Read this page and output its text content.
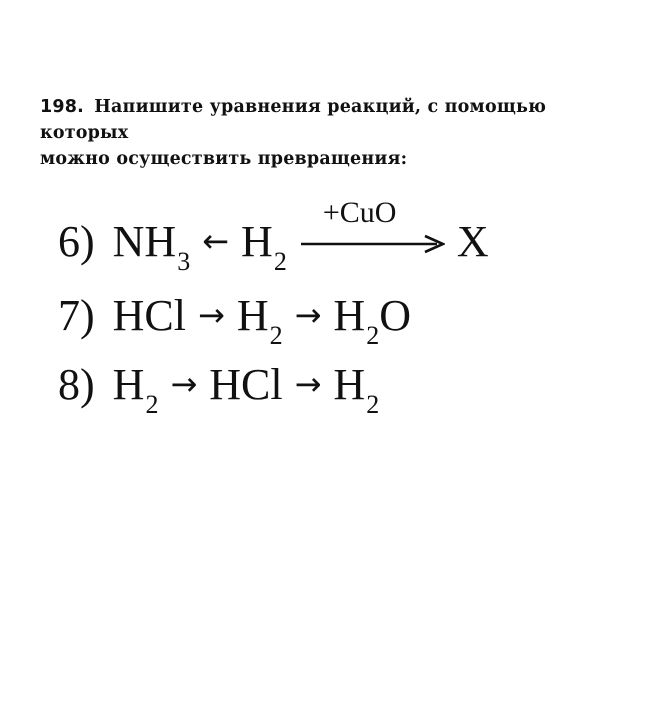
198. Напишите уравнения реакций, с помощью которых
можно осуществить превращения:
6) $NH_3\leftarrow$ $H_2$
+CuO
X
7) HCl → $H_2\to H_2O$
8) $H_2\to$ HCl → $H_2$
